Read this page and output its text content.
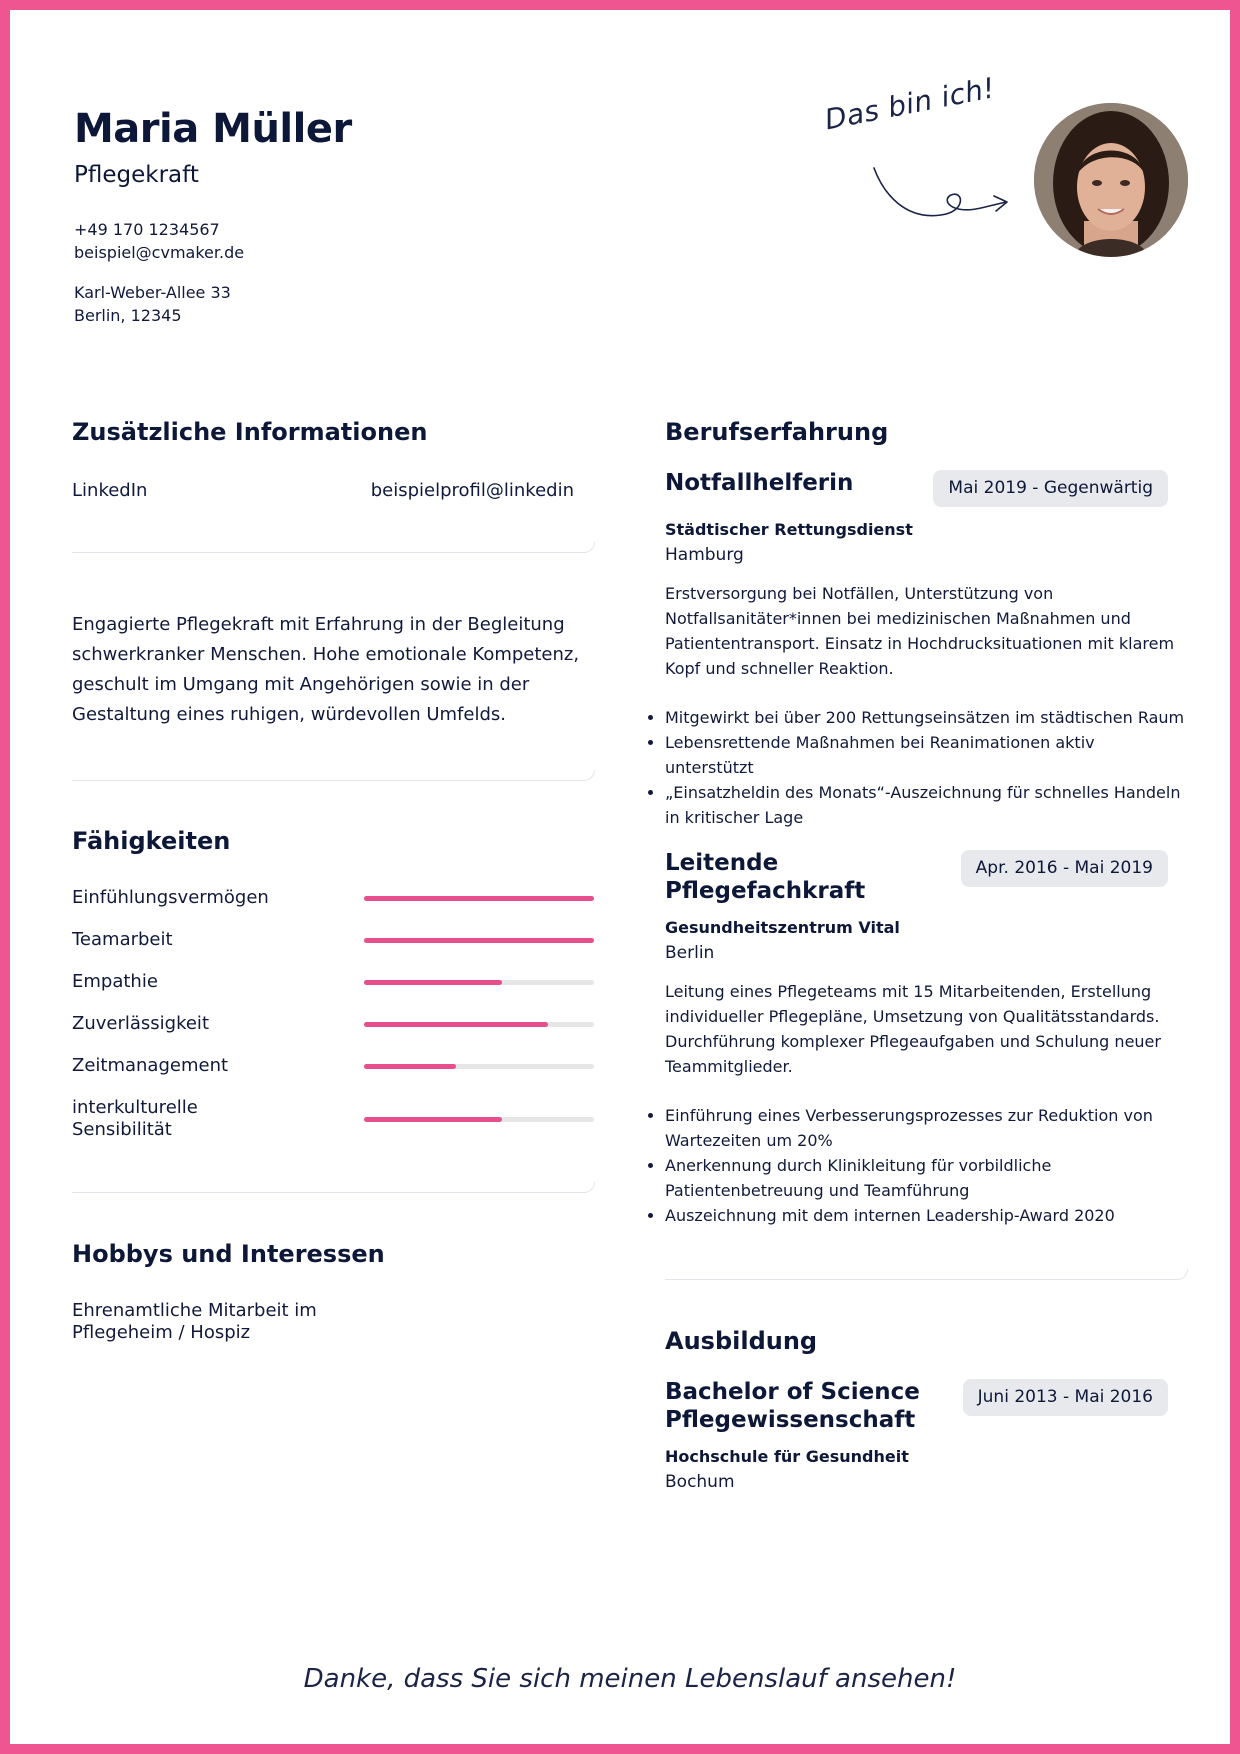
Maria Müller
Pflegekraft
+49 170 1234567
beispiel@cvmaker.de
Karl-Weber-Allee 33
Berlin, 12345
Das bin ich!
Zusätzliche Informationen
LinkedIn	beispielprofil@linkedin
Engagierte Pflegekraft mit Erfahrung in der Begleitung schwerkranker Menschen. Hohe emotionale Kompetenz, geschult im Umgang mit Angehörigen sowie in der Gestaltung eines ruhigen, würdevollen Umfelds.
Fähigkeiten
Einfühlungsvermögen
Teamarbeit
Empathie
Zuverlässigkeit
Zeitmanagement
interkulturelle Sensibilität
Hobbys und Interessen
Ehrenamtliche Mitarbeit im
Pflegeheim / Hospiz
Berufserfahrung
Notfallhelferin	Mai 2019 - Gegenwärtig
Städtischer Rettungsdienst
Hamburg
Erstversorgung bei Notfällen, Unterstützung von Notfallsanitäter*innen bei medizinischen Maßnahmen und Patiententransport. Einsatz in Hochdrucksituationen mit klarem Kopf und schneller Reaktion.
• Mitgewirkt bei über 200 Rettungseinsätzen im städtischen Raum
• Lebensrettende Maßnahmen bei Reanimationen aktiv unterstützt
• „Einsatzheldin des Monats“-Auszeichnung für schnelles Handeln in kritischer Lage
Leitende
Pflegefachkraft
Apr. 2016 - Mai 2019
Gesundheitszentrum Vital
Berlin
Leitung eines Pflegeteams mit 15 Mitarbeitenden, Erstellung individueller Pflegepläne, Umsetzung von Qualitätsstandards. Durchführung komplexer Pflegeaufgaben und Schulung neuer Teammitglieder.
• Einführung eines Verbesserungsprozesses zur Reduktion von Wartezeiten um 20%
• Anerkennung durch Klinikleitung für vorbildliche Patientenbetreuung und Teamführung
• Auszeichnung mit dem internen Leadership-Award 2020
Ausbildung
Bachelor of Science
Pflegewissenschaft
Juni 2013 - Mai 2016
Hochschule für Gesundheit
Bochum
Danke, dass Sie sich meinen Lebenslauf ansehen!
